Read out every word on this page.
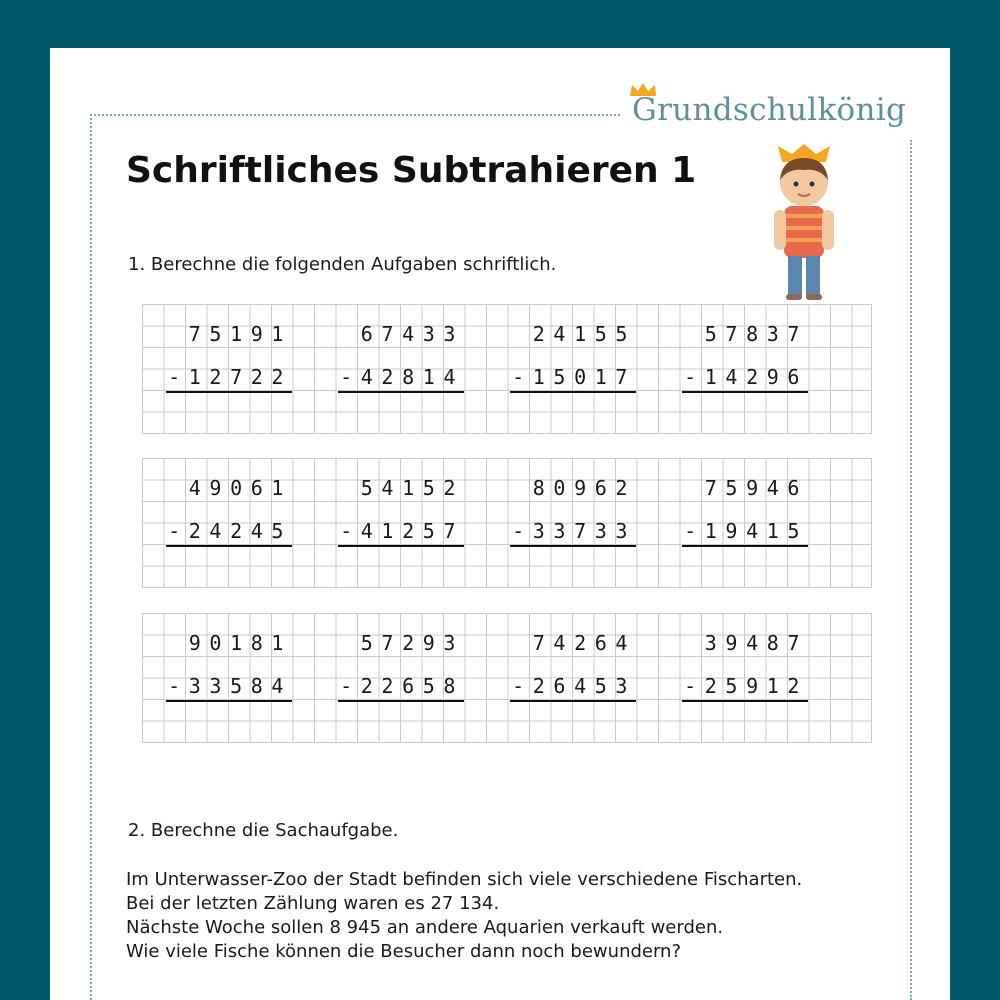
Grundschulkönig
Schriftliches Subtrahieren 1
1. Berechne die folgenden Aufgaben schriftlich.
75191
-12722
67433
-42814
24155
-15017
57837
-14296
49061
-24245
54152
-41257
80962
-33733
75946
-19415
90181
-33584
57293
-22658
74264
-26453
39487
-25912
2. Berechne die Sachaufgabe.
Im Unterwasser-Zoo der Stadt befinden sich viele verschiedene Fischarten.
Bei der letzten Zählung waren es 27 134.
Nächste Woche sollen 8 945 an andere Aquarien verkauft werden.
Wie viele Fische können die Besucher dann noch bewundern?
